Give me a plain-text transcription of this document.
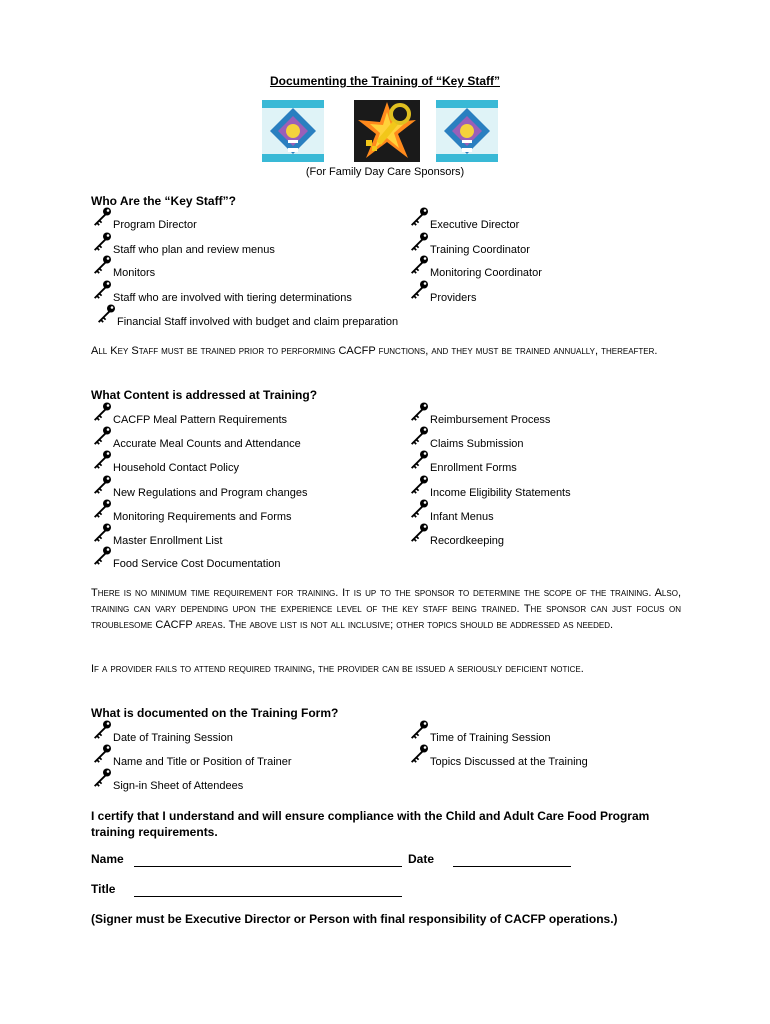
Documenting the Training of “Key Staff”
(For Family Day Care Sponsors)
Who Are the “Key Staff”?
Program Director
Staff who plan and review menus
Monitors
Staff who are involved with tiering determinations
Financial Staff involved with budget and claim preparation
Executive Director
Training Coordinator
Monitoring Coordinator
Providers
All Key Staff must be trained prior to performing CACFP functions, and they must be trained annually, thereafter.
What Content is addressed at Training?
CACFP Meal Pattern Requirements
Accurate Meal Counts and Attendance
Household Contact Policy
New Regulations and Program changes
Monitoring Requirements and Forms
Master Enrollment List
Food Service Cost Documentation
Reimbursement Process
Claims Submission
Enrollment Forms
Income Eligibility Statements
Infant Menus
Recordkeeping
There is no minimum time requirement for training. It is up to the sponsor to determine the scope of the training. Also, training can vary depending upon the experience level of the key staff being trained. The sponsor can just focus on troublesome CACFP areas. The above list is not all inclusive; other topics should be addressed as needed.
If a provider fails to attend required training, the provider can be issued a seriously deficient notice.
What is documented on the Training Form?
Date of Training Session
Name and Title or Position of Trainer
Sign-in Sheet of Attendees
Time of Training Session
Topics Discussed at the Training
I certify that I understand and will ensure compliance with the Child and Adult Care Food Program training requirements.
Name	Date
Title
(Signer must be Executive Director or Person with final responsibility of CACFP operations.)
